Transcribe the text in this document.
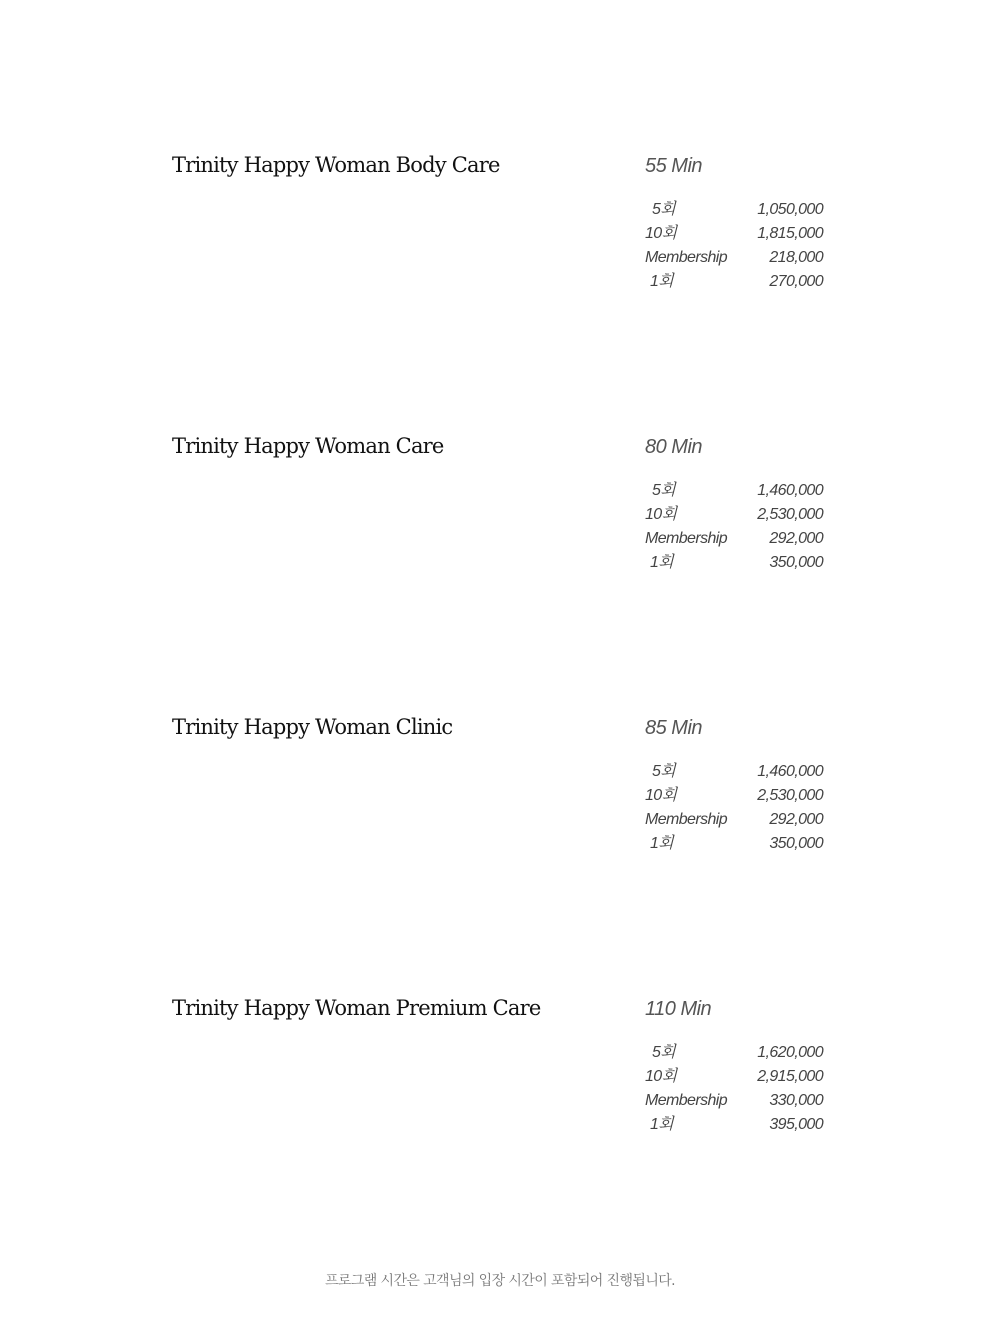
Trinity Happy Woman Body Care	55 Min
5회	1,050,000
10회	1,815,000
Membership	218,000
1회	270,000
Trinity Happy Woman Care	80 Min
5회	1,460,000
10회	2,530,000
Membership	292,000
1회	350,000
Trinity Happy Woman Clinic	85 Min
5회	1,460,000
10회	2,530,000
Membership	292,000
1회	350,000
Trinity Happy Woman Premium Care	110 Min
5회	1,620,000
10회	2,915,000
Membership	330,000
1회	395,000
프로그램 시간은 고객님의 입장 시간이 포함되어 진행됩니다.
